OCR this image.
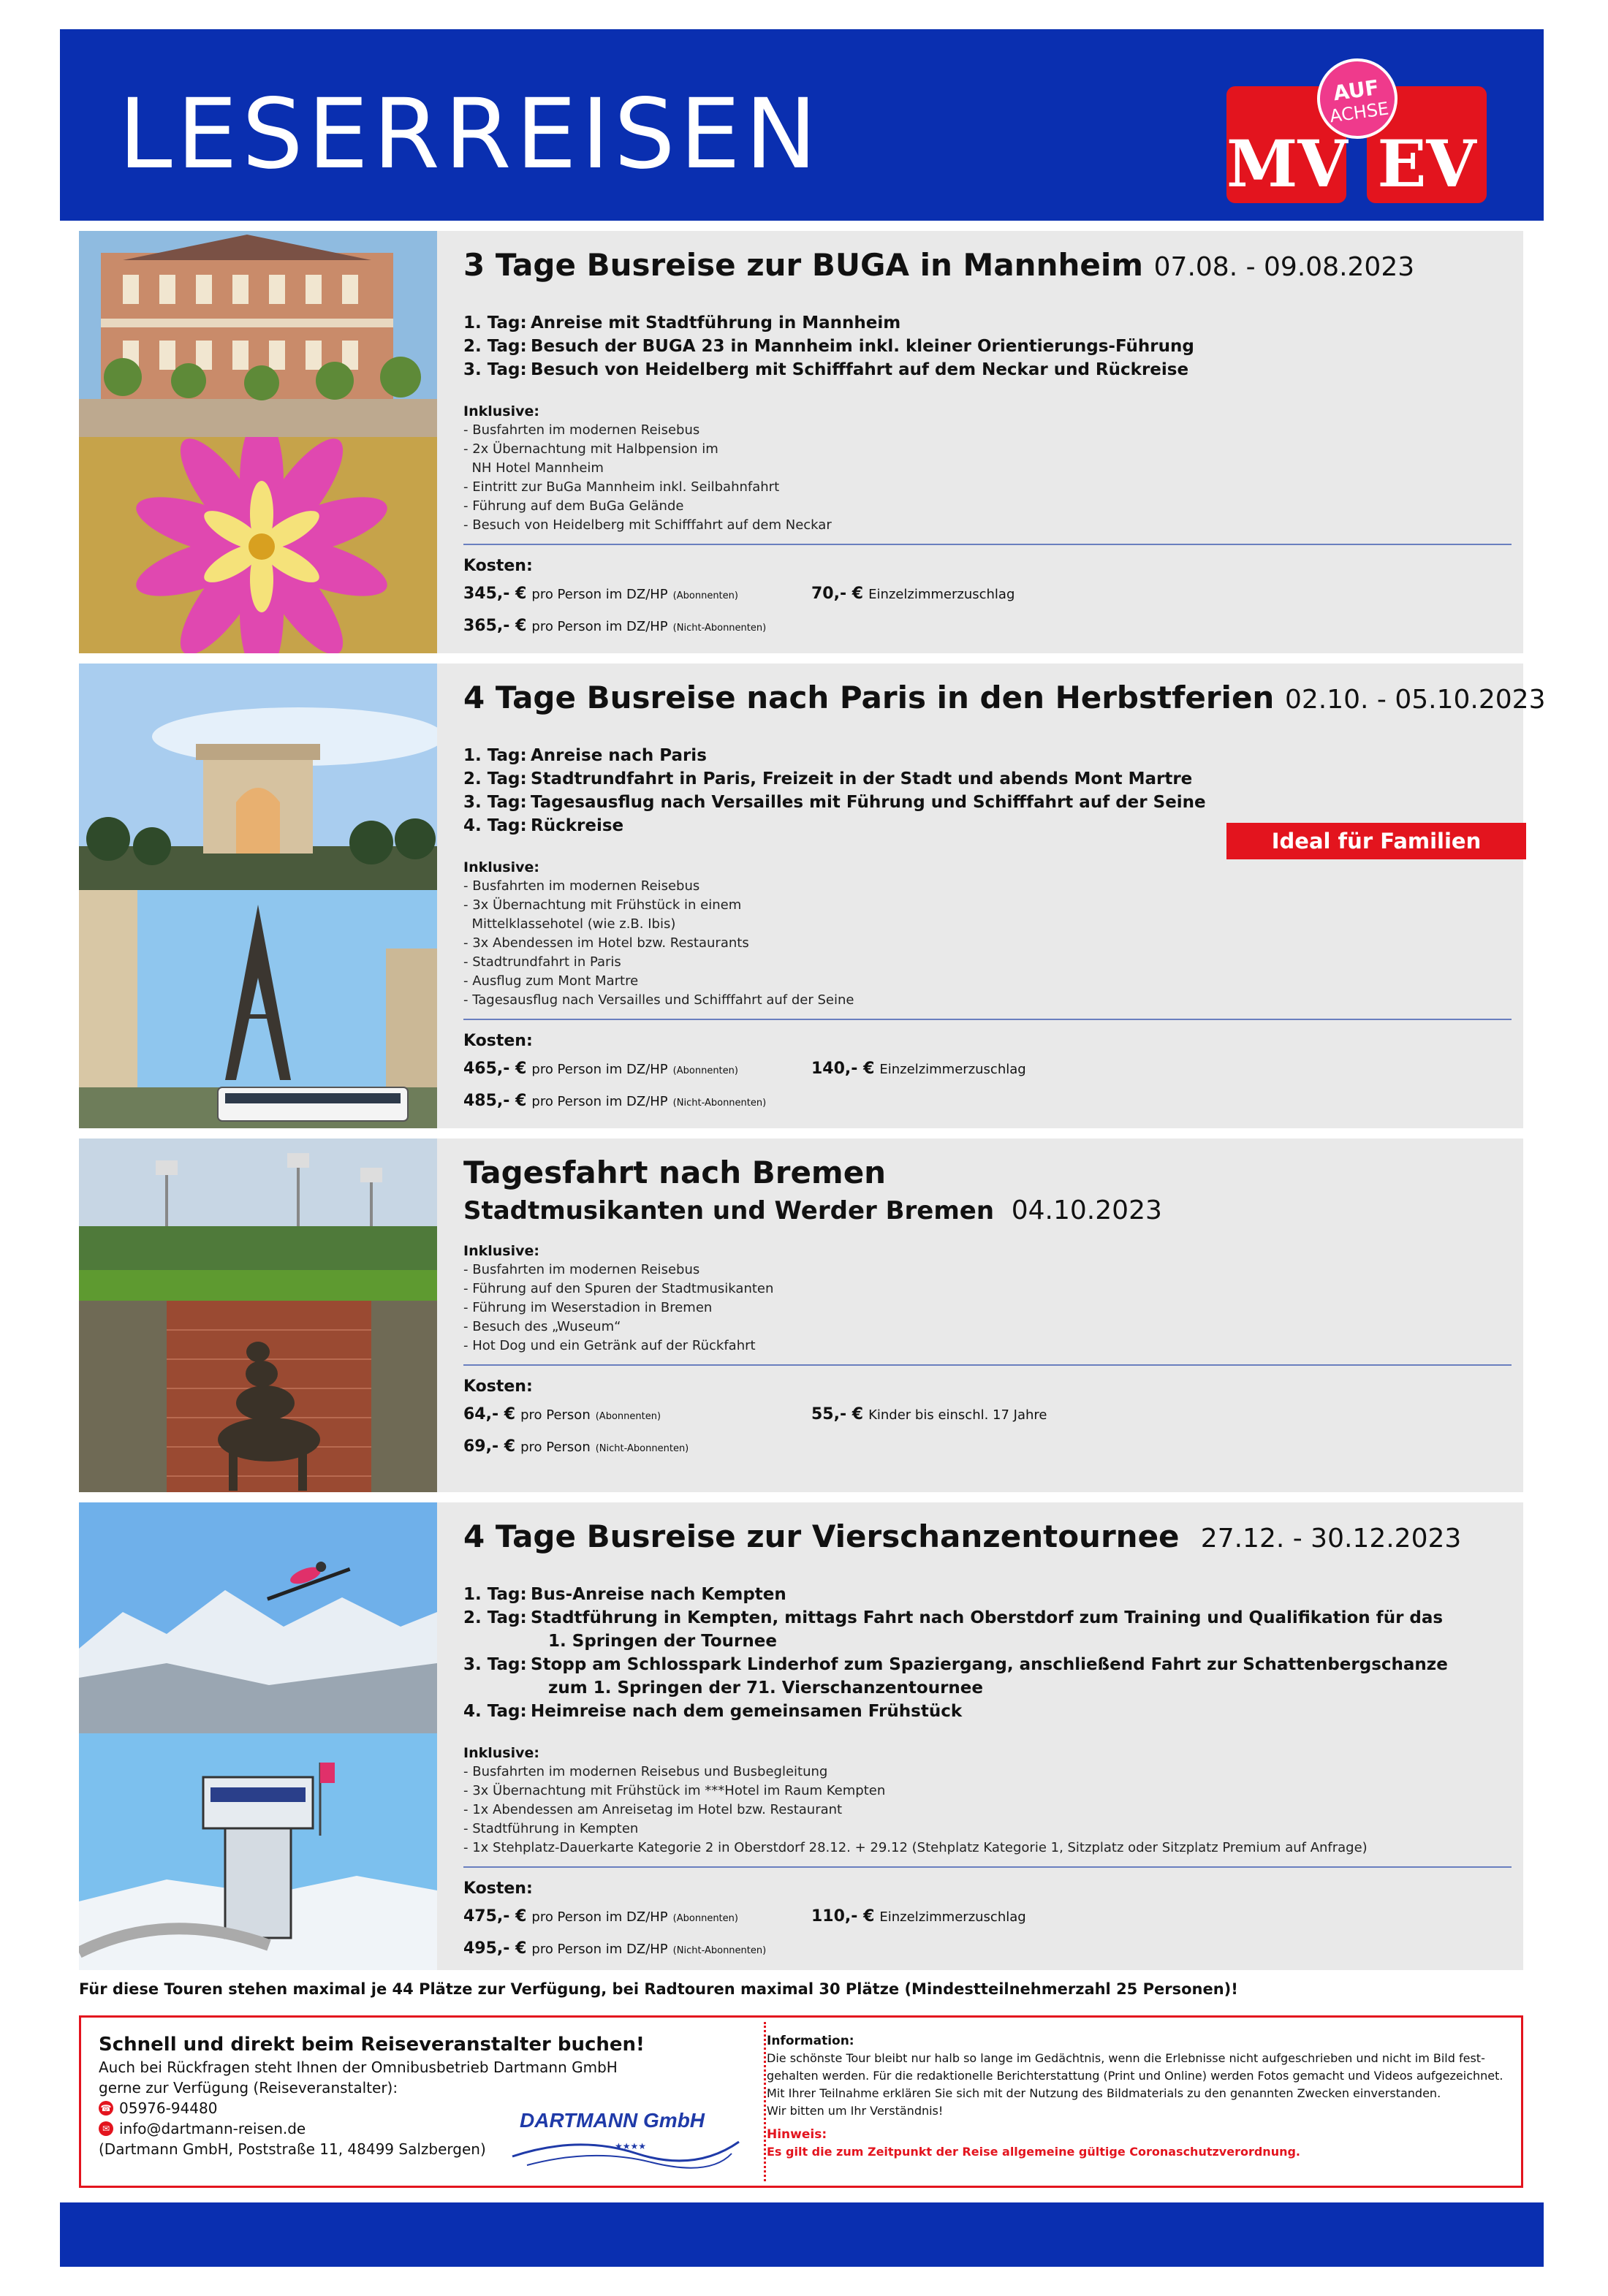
LESERREISEN	MV EV
AUF
ACHSE
3 Tage Busreise zur BUGA in Mannheim 07.08. - 09.08.2023
1. Tag: Anreise mit Stadtführung in Mannheim
2. Tag: Besuch der BUGA 23 in Mannheim inkl. kleiner Orientierungs-Führung
3. Tag: Besuch von Heidelberg mit Schifffahrt auf dem Neckar und Rückreise
Inklusive:
- Busfahrten im modernen Reisebus
- 2x Übernachtung mit Halbpension im
NH Hotel Mannheim
- Eintritt zur BuGa Mannheim inkl. Seilbahnfahrt
- Führung auf dem BuGa Gelände
- Besuch von Heidelberg mit Schifffahrt auf dem Neckar
Kosten:
345,- € pro Person im DZ/HP (Abonnenten)	70,- € Einzelzimmerzuschlag
365,- € pro Person im DZ/HP (Nicht-Abonnenten)
4 Tage Busreise nach Paris in den Herbstferien 02.10. - 05.10.2023
1. Tag: Anreise nach Paris
2. Tag: Stadtrundfahrt in Paris, Freizeit in der Stadt und abends Mont Martre
3. Tag: Tagesausflug nach Versailles mit Führung und Schifffahrt auf der Seine
4. Tag: Rückreise
Inklusive:
- Busfahrten im modernen Reisebus
- 3x Übernachtung mit Frühstück in einem
Mittelklassehotel (wie z.B. Ibis)
- 3x Abendessen im Hotel bzw. Restaurants
- Stadtrundfahrt in Paris
- Ausflug zum Mont Martre
- Tagesausflug nach Versailles und Schifffahrt auf der Seine
Kosten:
465,- € pro Person im DZ/HP (Abonnenten)	140,- € Einzelzimmerzuschlag
485,- € pro Person im DZ/HP (Nicht-Abonnenten)
Ideal für Familien
Tagesfahrt nach Bremen
Stadtmusikanten und Werder Bremen 04.10.2023
Inklusive:
- Busfahrten im modernen Reisebus
- Führung auf den Spuren der Stadtmusikanten
- Führung im Weserstadion in Bremen
- Besuch des „Wuseum“
- Hot Dog und ein Getränk auf der Rückfahrt
Kosten:
64,- € pro Person (Abonnenten)	55,- € Kinder bis einschl. 17 Jahre
69,- € pro Person (Nicht-Abonnenten)
4 Tage Busreise zur Vierschanzentournee 27.12. - 30.12.2023
1. Tag: Bus-Anreise nach Kempten
2. Tag: Stadtführung in Kempten, mittags Fahrt nach Oberstdorf zum Training und Qualifikation für das
1. Springen der Tournee
3. Tag: Stopp am Schlosspark Linderhof zum Spaziergang, anschließend Fahrt zur Schattenbergschanze
zum 1. Springen der 71. Vierschanzentournee
4. Tag: Heimreise nach dem gemeinsamen Frühstück
Inklusive:
- Busfahrten im modernen Reisebus und Busbegleitung
- 3x Übernachtung mit Frühstück im ***Hotel im Raum Kempten
- 1x Abendessen am Anreisetag im Hotel bzw. Restaurant
- Stadtführung in Kempten
- 1x Stehplatz-Dauerkarte Kategorie 2 in Oberstdorf 28.12. + 29.12 (Stehplatz Kategorie 1, Sitzplatz oder Sitzplatz Premium auf Anfrage)
Kosten:
475,- € pro Person im DZ/HP (Abonnenten)	110,- € Einzelzimmerzuschlag
495,- € pro Person im DZ/HP (Nicht-Abonnenten)
Für diese Touren stehen maximal je 44 Plätze zur Verfügung, bei Radtouren maximal 30 Plätze (Mindestteilnehmerzahl 25 Personen)!
Schnell und direkt beim Reiseveranstalter buchen!
Auch bei Rückfragen steht Ihnen der Omnibusbetrieb Dartmann GmbH
gerne zur Verfügung (Reiseveranstalter):
☎ 05976-94480
✉ info@dartmann-reisen.de
(Dartmann GmbH, Poststraße 11, 48499 Salzbergen)
DARTMANN GmbH
★★★★
Information:
Die schönste Tour bleibt nur halb so lange im Gedächtnis, wenn die Erlebnisse nicht aufgeschrieben und nicht im Bild fest-
gehalten werden. Für die redaktionelle Berichterstattung (Print und Online) werden Fotos gemacht und Videos aufgezeichnet.
Mit Ihrer Teilnahme erklären Sie sich mit der Nutzung des Bildmaterials zu den genannten Zwecken einverstanden.
Wir bitten um Ihr Verständnis!
Hinweis:
Es gilt die zum Zeitpunkt der Reise allgemeine gültige Coronaschutzverordnung.
